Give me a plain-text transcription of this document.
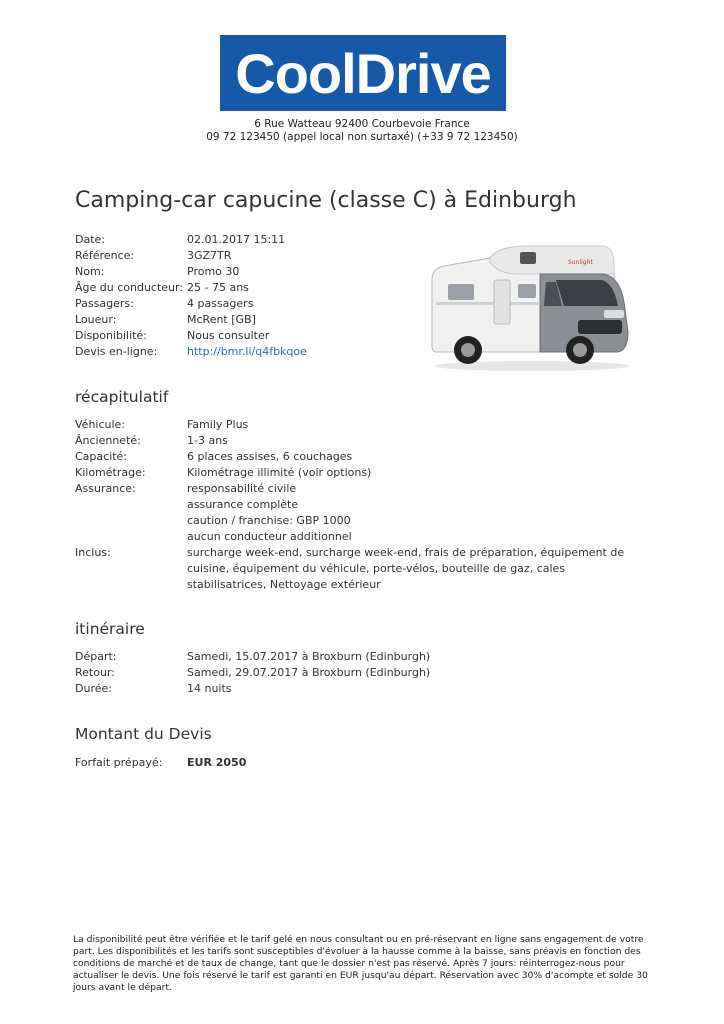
CoolDrive
6 Rue Watteau 92400 Courbevoie France
09 72 123450 (appel local non surtaxé) (+33 9 72 123450)
Camping-car capucine (classe C) à Edinburgh
Date:	02.01.2017 15:11
Référence:	3GZ7TR
Nom:	Promo 30
Âge du conducteur:	25 - 75 ans
Passagers:	4 passagers
Loueur:	McRent [GB]
Disponibilité:	Nous consulter
Devis en-ligne:	http://bmr.li/q4fbkqoe
Sunlight
récapitulatif
Véhicule:	Family Plus
Âncienneté:	1-3 ans
Capacité:	6 places assises, 6 couchages
Kilométrage:	Kilométrage illimité (voir options)
Assurance:	responsabilité civile
assurance complète
caution / franchise: GBP 1000
aucun conducteur additionnel

Inclus:	surcharge week-end, surcharge week-end, frais de préparation, équipement de cuisine, équipement du véhicule, porte-vélos, bouteille de gaz, cales stabilisatrices, Nettoyage extérieur
itinéraire
Départ:	Samedi, 15.07.2017 à Broxburn (Edinburgh)
Retour:	Samedi, 29.07.2017 à Broxburn (Edinburgh)
Durée:	14 nuits
Montant du Devis
Forfait prépayé:	EUR 2050
La disponibilité peut être vérifiée et le tarif gelé en nous consultant ou en pré-réservant en ligne sans engagement de votre part. Les disponibilités et les tarifs sont susceptibles d'évoluer à la hausse comme à la baisse, sans préavis en fonction des conditions de marché et de taux de change, tant que le dossier n'est pas réservé. Après 7 jours: réinterrogez-nous pour actualiser le devis. Une fois réservé le tarif est garanti en EUR jusqu'au départ. Réservation avec 30% d'acompte et solde 30 jours avant le départ.
